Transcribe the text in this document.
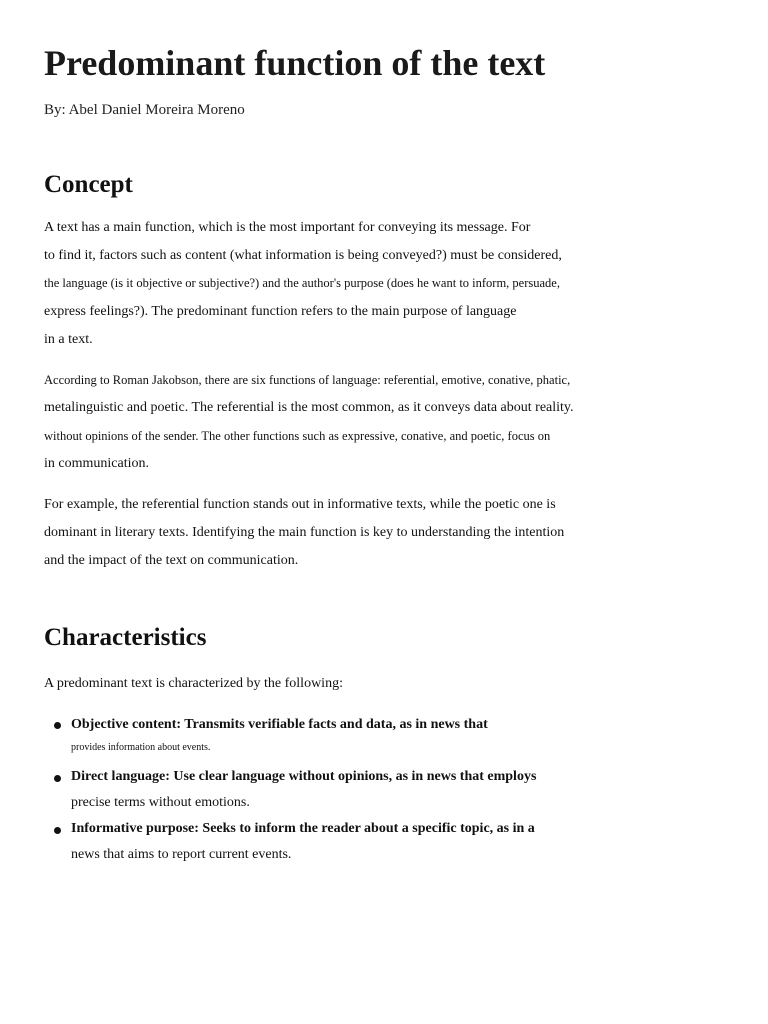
Predominant function of the text
By: Abel Daniel Moreira Moreno
Concept
A text has a main function, which is the most important for conveying its message. For
to find it, factors such as content (what information is being conveyed?) must be considered,
the language (is it objective or subjective?) and the author's purpose (does he want to inform, persuade,
express feelings?). The predominant function refers to the main purpose of language
in a text.
According to Roman Jakobson, there are six functions of language: referential, emotive, conative, phatic,
metalinguistic and poetic. The referential is the most common, as it conveys data about reality.
without opinions of the sender. The other functions such as expressive, conative, and poetic, focus on
in communication.
For example, the referential function stands out in informative texts, while the poetic one is
dominant in literary texts. Identifying the main function is key to understanding the intention
and the impact of the text on communication.
Characteristics
A predominant text is characterized by the following:
Objective content: Transmits verifiable facts and data, as in news that
provides information about events.
Direct language: Use clear language without opinions, as in news that employs
precise terms without emotions.
Informative purpose: Seeks to inform the reader about a specific topic, as in a
news that aims to report current events.
